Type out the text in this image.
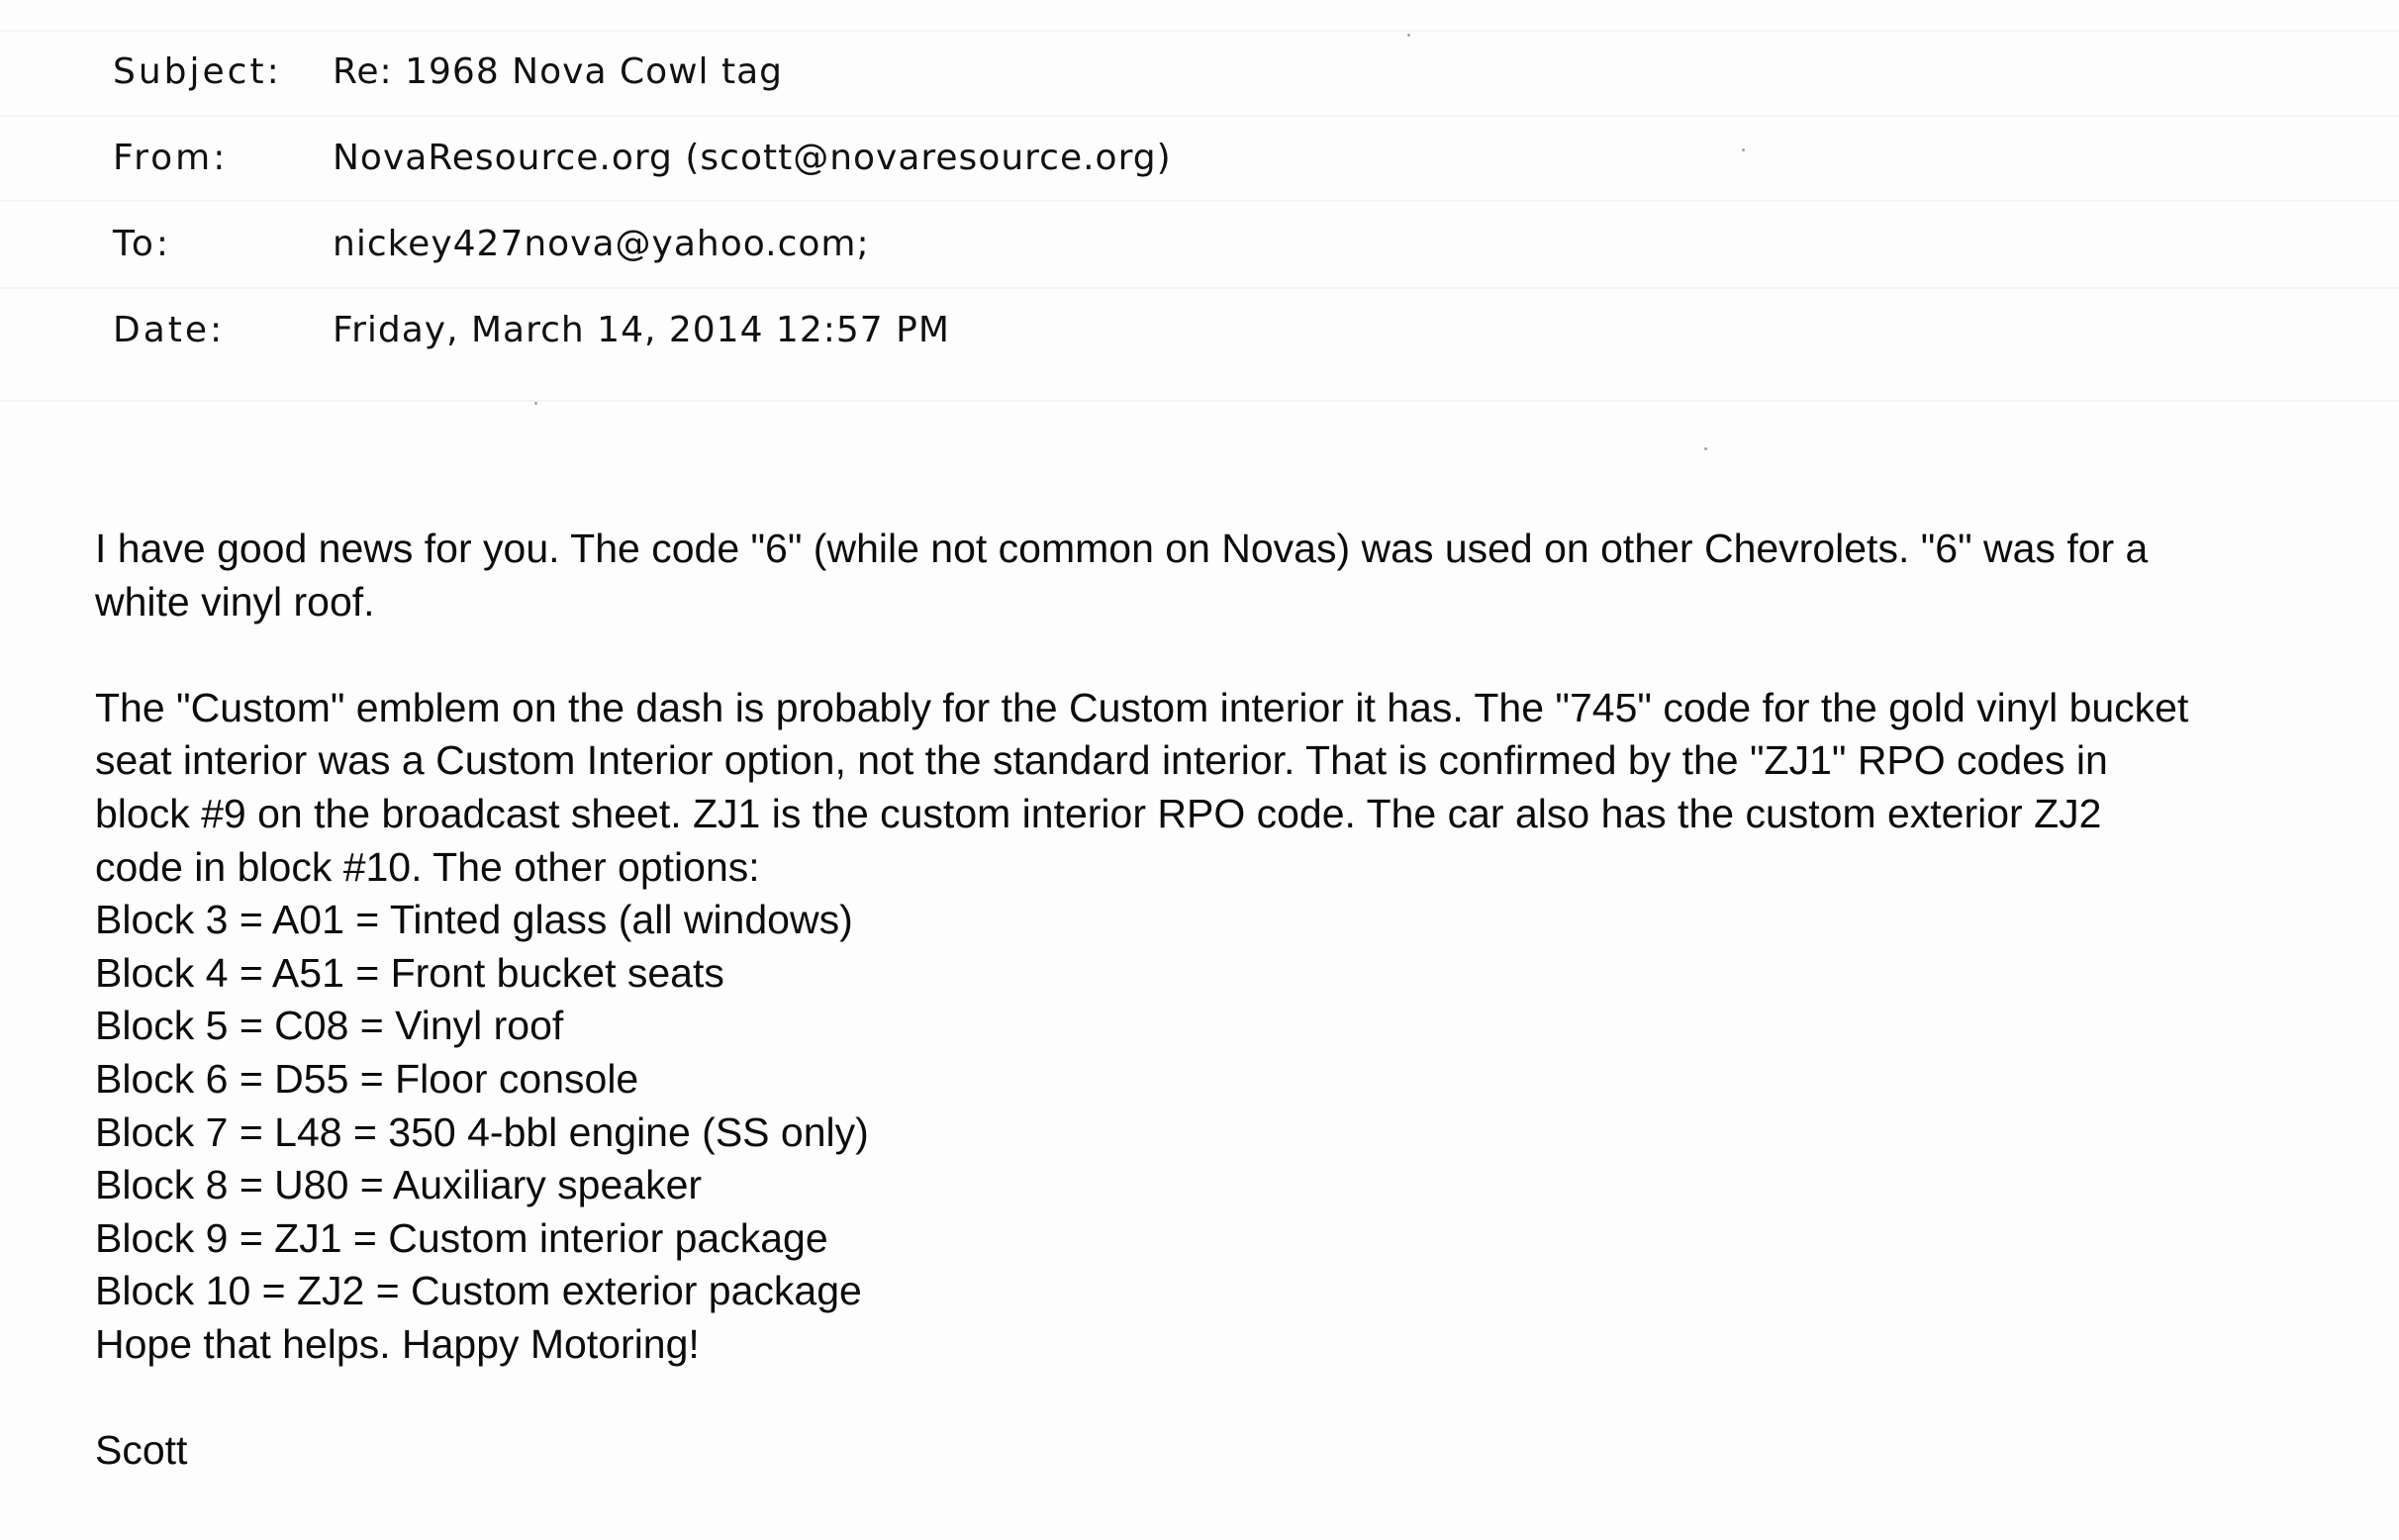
Subject: Re: 1968 Nova Cowl tag
From:	NovaResource.org (scott@novaresource.org)
To:	nickey427nova@yahoo.com;
Date:	Friday, March 14, 2014 12:57 PM
I have good news for you. The code "6" (while not common on Novas) was used on other Chevrolets. "6" was for a
white vinyl roof.
The "Custom" emblem on the dash is probably for the Custom interior it has. The "745" code for the gold vinyl bucket
seat interior was a Custom Interior option, not the standard interior. That is confirmed by the "ZJ1" RPO codes in
block #9 on the broadcast sheet. ZJ1 is the custom interior RPO code. The car also has the custom exterior ZJ2
code in block #10. The other options:
Block 3 = A01 = Tinted glass (all windows)
Block 4 = A51 = Front bucket seats
Block 5 = C08 = Vinyl roof
Block 6 = D55 = Floor console
Block 7 = L48 = 350 4-bbl engine (SS only)
Block 8 = U80 = Auxiliary speaker
Block 9 = ZJ1 = Custom interior package
Block 10 = ZJ2 = Custom exterior package
Hope that helps. Happy Motoring!
Scott
